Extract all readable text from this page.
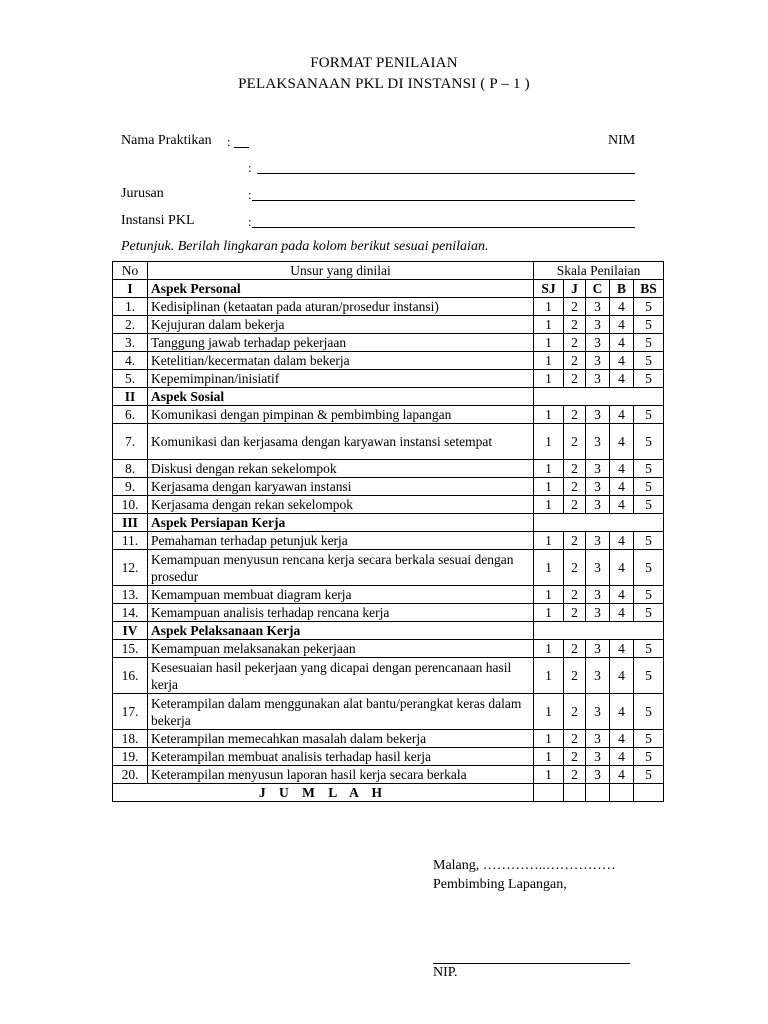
FORMAT PENILAIAN
PELAKSANAAN PKL DI INSTANSI ( P – 1 )
Nama Praktikan :	NIM
:
Jurusan	:
Instansi PKL	:
Petunjuk. Berilah lingkaran pada kolom berikut sesuai penilaian.
No	Unsur yang dinilai	Skala Penilaian				
I	Aspek Personal	SJ	J	C	B	BS
1.	Kedisiplinan (ketaatan pada aturan/prosedur instansi)	1	2	3	4	5
2.	Kejujuran dalam bekerja	1	2	3	4	5
3.	Tanggung jawab terhadap pekerjaan	1	2	3	4	5
4.	Ketelitian/kecermatan dalam bekerja	1	2	3	4	5
5.	Kepemimpinan/inisiatif	1	2	3	4	5
II	Aspek Sosial					
6.	Komunikasi dengan pimpinan & pembimbing lapangan	1	2	3	4	5
7.	Komunikasi dan kerjasama dengan karyawan instansi setempat	1	2	3	4	5
8.	Diskusi dengan rekan sekelompok	1	2	3	4	5
9.	Kerjasama dengan karyawan instansi	1	2	3	4	5
10.	Kerjasama dengan rekan sekelompok	1	2	3	4	5
III	Aspek Persiapan Kerja					
11.	Pemahaman terhadap petunjuk kerja	1	2	3	4	5
12.	Kemampuan menyusun rencana kerja secara berkala sesuai dengan prosedur	1	2	3	4	5
13.	Kemampuan membuat diagram kerja	1	2	3	4	5
14.	Kemampuan analisis terhadap rencana kerja	1	2	3	4	5
IV	Aspek Pelaksanaan Kerja					
15.	Kemampuan melaksanakan pekerjaan	1	2	3	4	5
16.	Kesesuaian hasil pekerjaan yang dicapai dengan perencanaan hasil kerja	1	2	3	4	5
17.	Keterampilan dalam menggunakan alat bantu/perangkat keras dalam bekerja	1	2	3	4	5
18.	Keterampilan memecahkan masalah dalam bekerja	1	2	3	4	5
19.	Keterampilan membuat analisis terhadap hasil kerja	1	2	3	4	5
20.	Keterampilan menyusun laporan hasil kerja secara berkala	1	2	3	4	5
J U M L A H						
Malang, …………..……………
Pembimbing Lapangan,
NIP.
